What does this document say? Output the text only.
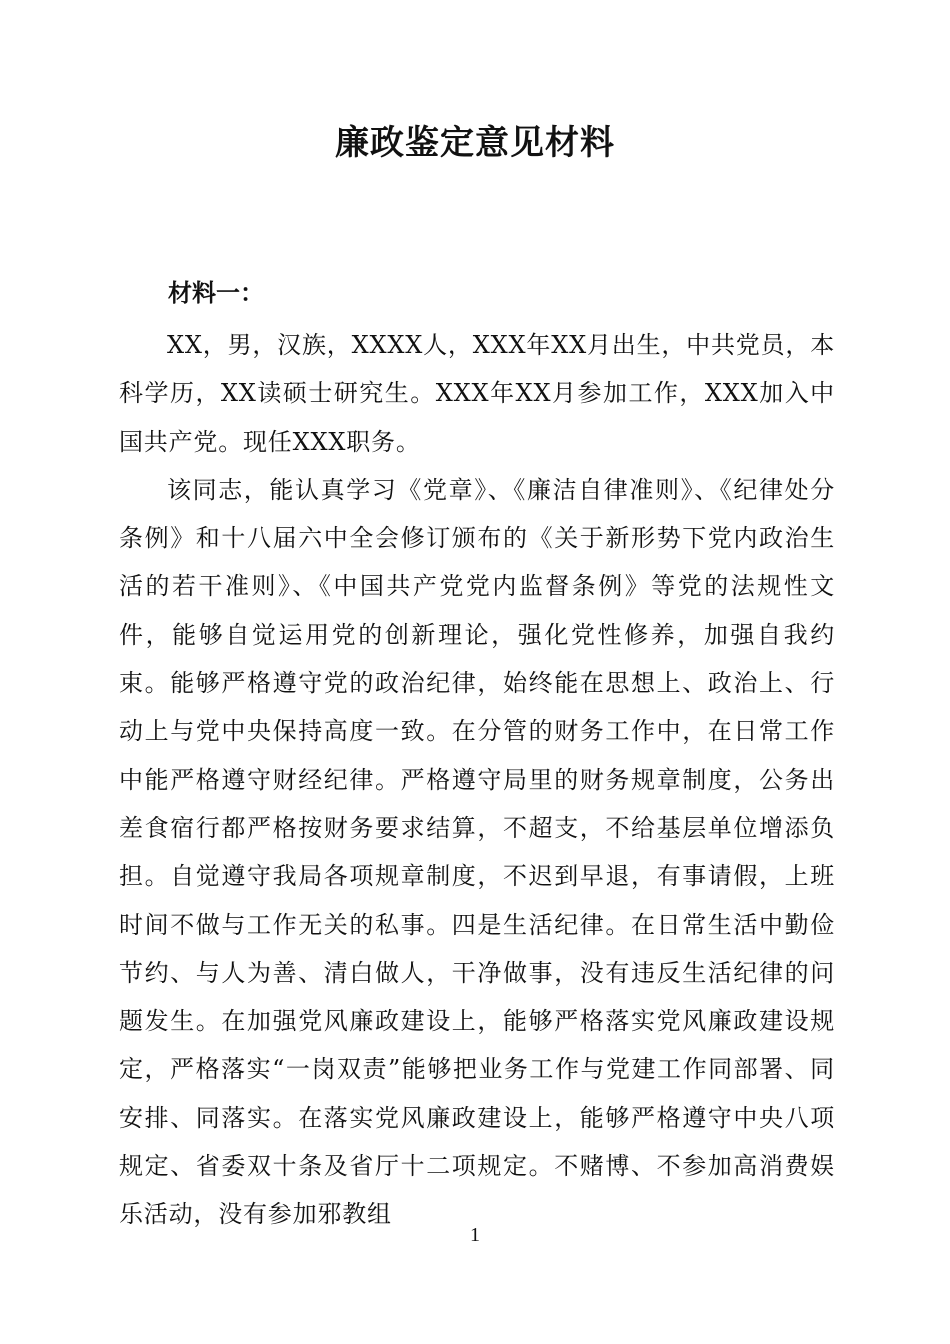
廉政鉴定意见材料
材料一：

XX，男，汉族，XXXX人，XXX年XX月出生，中共党员，本科学历，XX读硕士研究生。XXX年XX月参加工作，XXX加入中国共产党。现任XXX职务。

该同志，能认真学习《党章》、《廉洁自律准则》、《纪律处分条例》和十八届六中全会修订颁布的《关于新形势下党内政治生活的若干准则》、《中国共产党党内监督条例》等党的法规性文件，能够自觉运用党的创新理论，强化党性修养，加强自我约束。能够严格遵守党的政治纪律，始终能在思想上、政治上、行动上与党中央保持高度一致。在分管的财务工作中，在日常工作中能严格遵守财经纪律。严格遵守局里的财务规章制度，公务出差食宿行都严格按财务要求结算，不超支，不给基层单位增添负担。自觉遵守我局各项规章制度，不迟到早退，有事请假，上班时间不做与工作无关的私事。四是生活纪律。在日常生活中勤俭节约、与人为善、清白做人，干净做事，没有违反生活纪律的问题发生。在加强党风廉政建设上，能够严格落实党风廉政建设规定，严格落实“一岗双责”能够把业务工作与党建工作同部署、同安排、同落实。在落实党风廉政建设上，能够严格遵守中央八项规定、省委双十条及省厅十二项规定。不赌博、不参加高消费娱乐活动，没有参加邪教组

1
